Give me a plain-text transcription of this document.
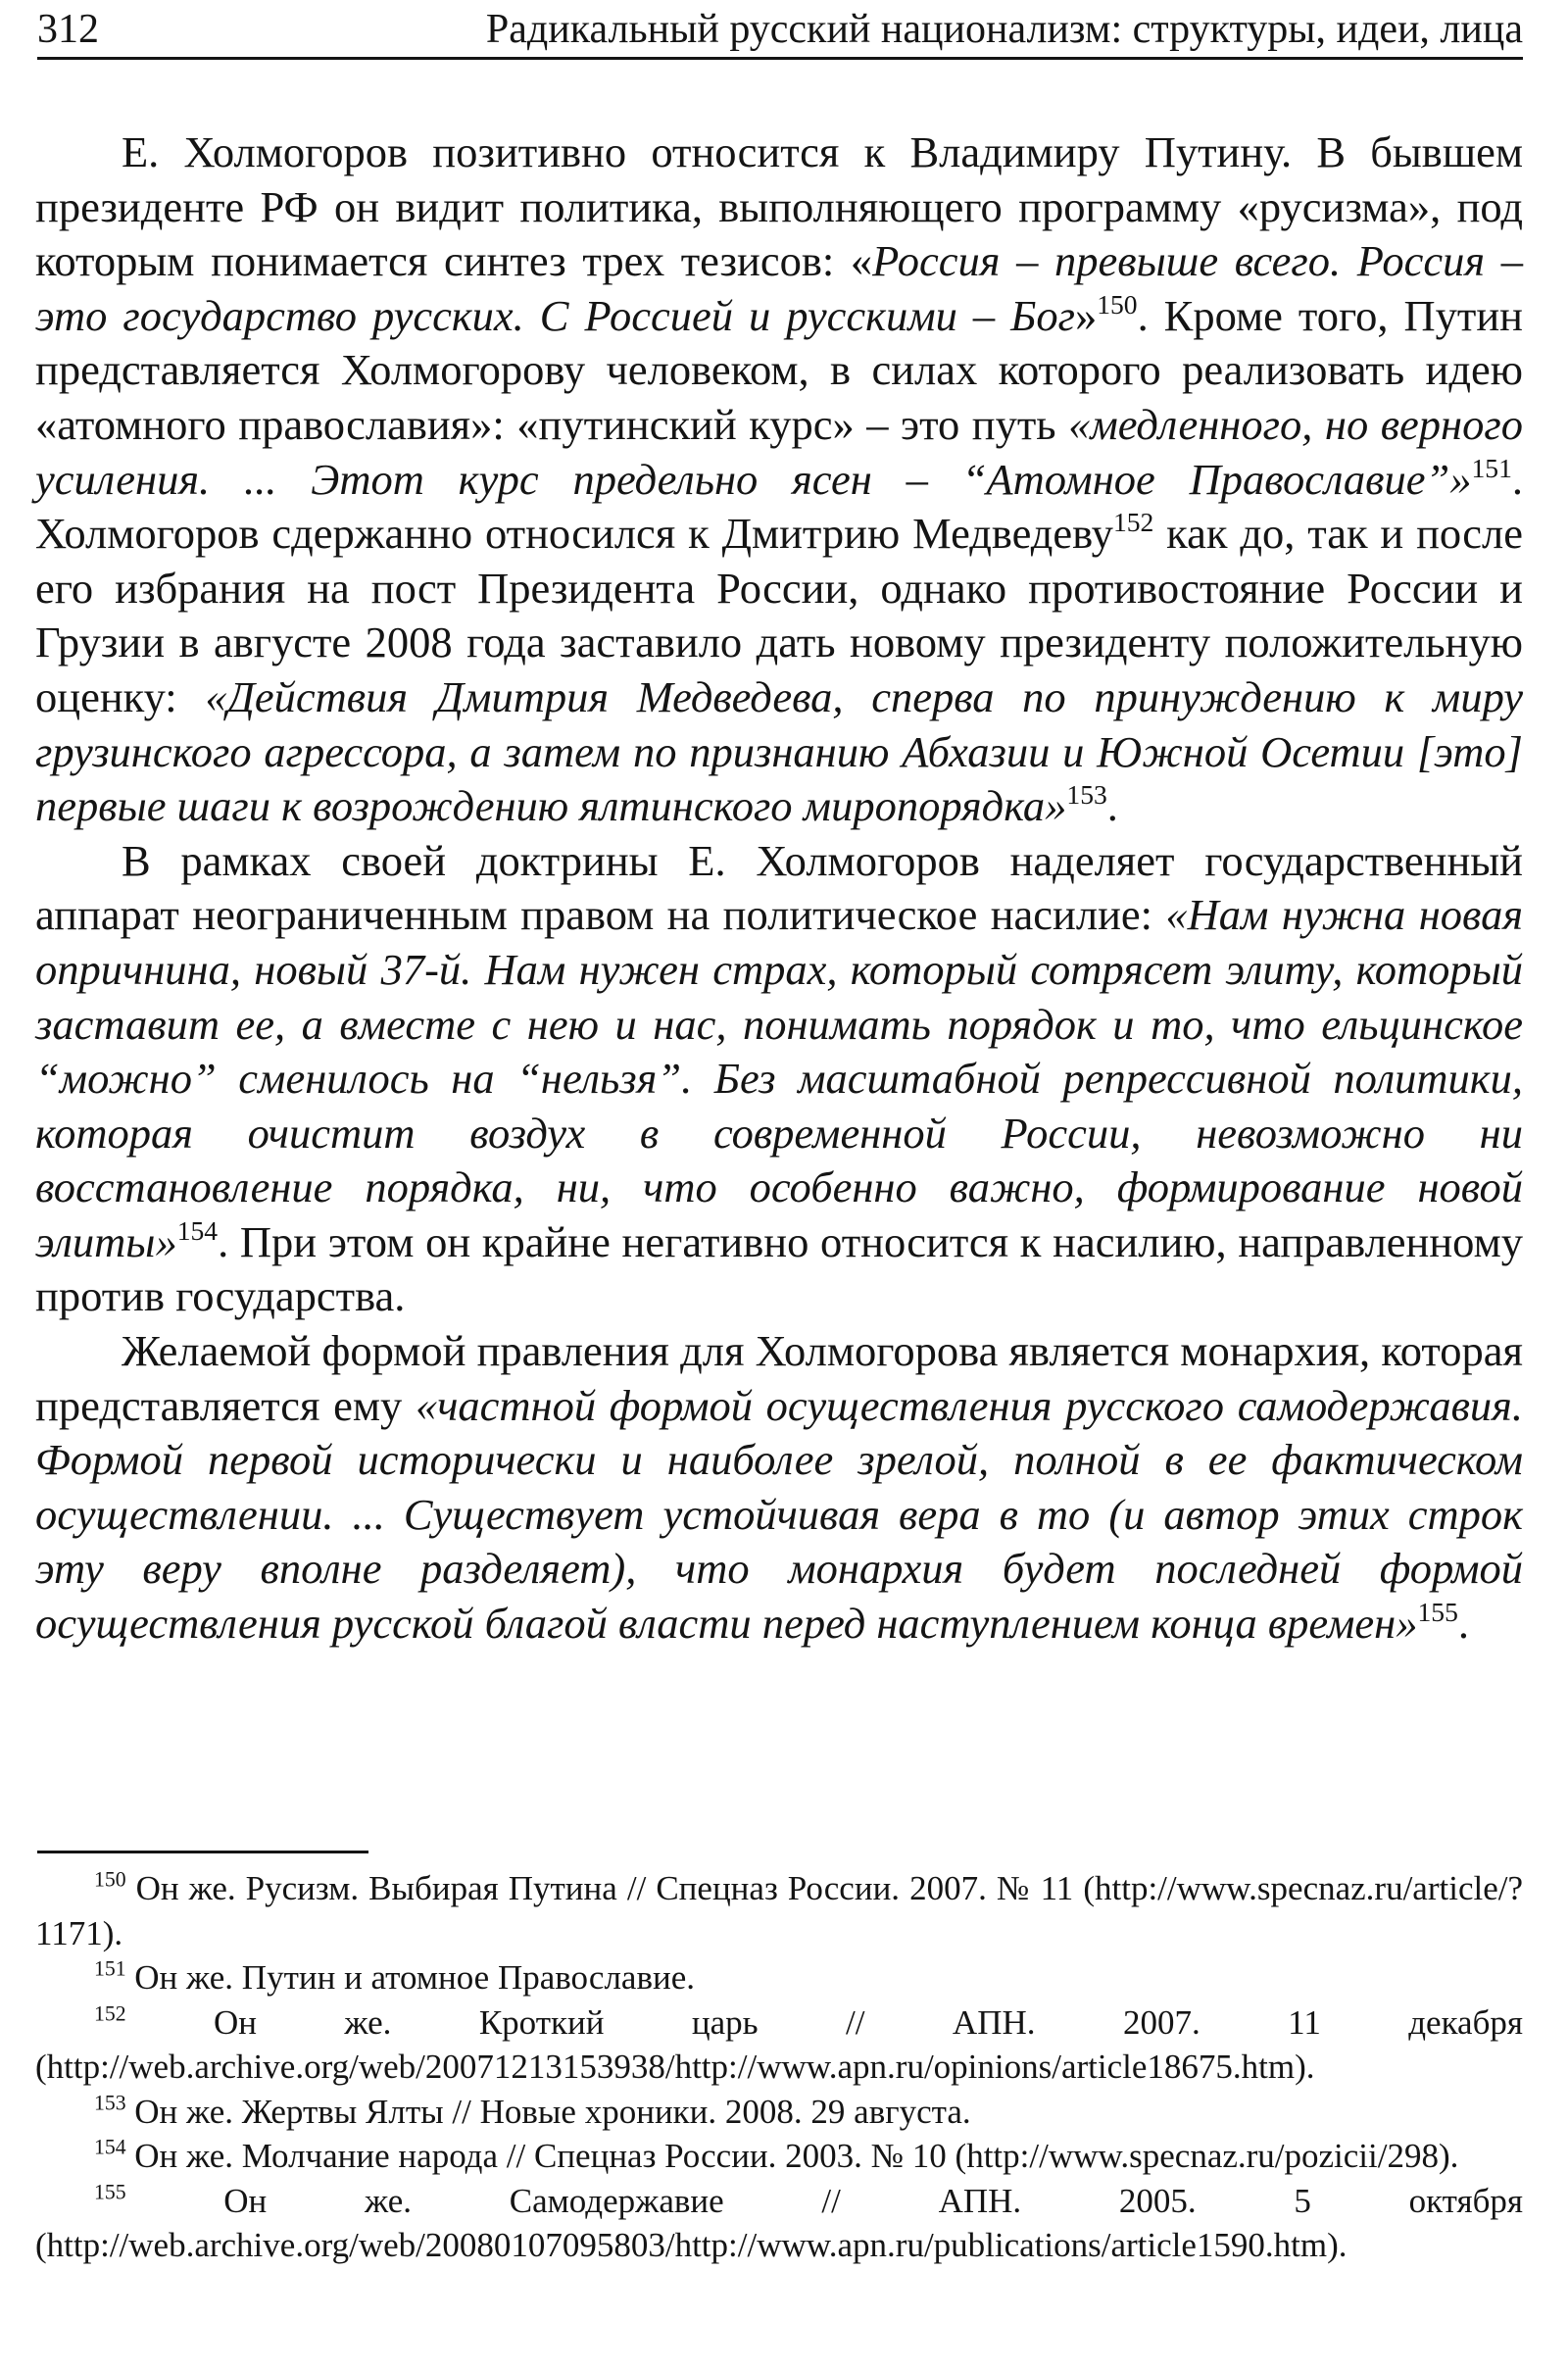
312	Радикальный русский национализм: структуры, идеи, лица

Е. Холмогоров позитивно относится к Владимиру Путину. В бывшем президенте РФ он видит политика, выполняющего программу «русизма», под которым понимается синтез трех тезисов: «Россия – превыше всего. Россия – это государство русских. С Россией и русскими – Бог»$^{150}$. Кроме того, Путин представляется Холмогорову человеком, в силах которого реализовать идею «атомного православия»: «путинский курс» – это путь «медленного, но верного усиления. ... Этот курс предельно ясен – “Атомное Православие”»$^{151}$. Холмогоров сдержанно относился к Дмитрию Медведеву$^{152}$ как до, так и после его избрания на пост Президента России, однако противостояние России и Грузии в августе 2008 года заставило дать новому президенту положительную оценку: «Действия Дмитрия Медведева, сперва по принуждению к миру грузинского агрессора, а затем по признанию Абхазии и Южной Осетии [это] первые шаги к возрождению ялтинского миропорядка»$^{153}$.

В рамках своей доктрины Е. Холмогоров наделяет государственный аппарат неограниченным правом на политическое насилие: «Нам нужна новая опричнина, новый 37-й. Нам нужен страх, который сотрясет элиту, который заставит ее, а вместе с нею и нас, понимать порядок и то, что ельцинское “можно” сменилось на “нельзя”. Без масштабной репрессивной политики, которая очистит воздух в современной России, невозможно ни восстановление порядка, ни, что особенно важно, формирование новой элиты»$^{154}$. При этом он крайне негативно относится к насилию, направленному против государства.

Желаемой формой правления для Холмогорова является монархия, которая представляется ему «частной формой осуществления русского самодержавия. Формой первой исторически и наиболее зрелой, полной в ее фактическом осуществлении. ... Существует устойчивая вера в то (и автор этих строк эту веру вполне разделяет), что монархия будет последней формой осуществления русской благой власти перед наступлением конца времен»$^{155}$.

$^{150}$ Он же. Русизм. Выбирая Путина // Спецназ России. 2007. № 11 (http://www.specnaz.ru/article/?1171).

$^{151}$ Он же. Путин и атомное Православие.

$^{152}$	Он же. Кроткий царь // АПН. 2007. 11 декабря (http://web.archive.org/web/20071213153938/http://www.apn.ru/opinions/article18675.htm).

$^{153}$ Он же. Жертвы Ялты // Новые хроники. 2008. 29 августа.

$^{154}$ Он же. Молчание народа // Спецназ России. 2003. № 10 (http://www.specnaz.ru/pozicii/298).

$^{155}$	Он же. Самодержавие // АПН. 2005. 5 октября (http://web.archive.org/web/20080107095803/http://www.apn.ru/publications/article1590.htm).
